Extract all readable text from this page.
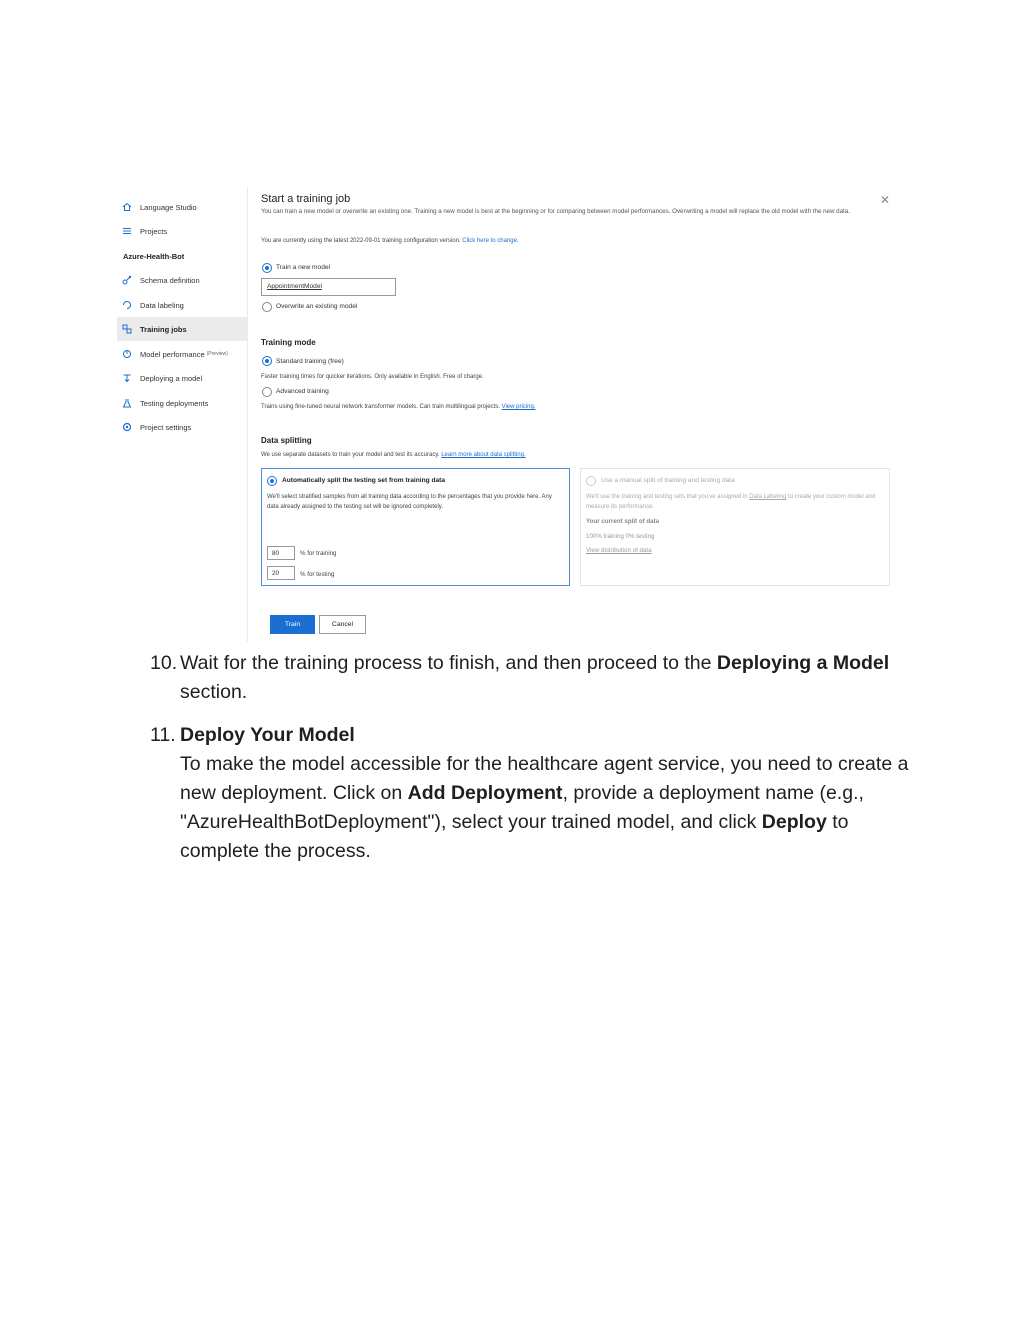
Language Studio
Projects
Azure-Health-Bot
Schema definition
Data labeling
Training jobs
Model performance (Preview)
Deploying a model
Testing deployments
Project settings
Start a training job	✕
You can train a new model or overwrite an existing one. Training a new model is best at the beginning or for comparing between model performances. Overwriting a model will replace the old model with the new data.
You are currently using the latest 2022-09-01 training configuration version. Click here to change.
Train a new model
AppointmentModel
Overwrite an existing model
Training mode
Standard training (free)
Faster training times for quicker iterations. Only available in English. Free of charge.
Advanced training
Trains using fine-tuned neural network transformer models. Can train multilingual projects. View pricing.
Data splitting
We use separate datasets to train your model and test its accuracy. Learn more about data splitting.
Automatically split the testing set from training data
We'll select stratified samples from all training data according to the percentages that you provide here. Any data already assigned to the testing set will be ignored completely.
80	% for training
20	% for testing
Use a manual split of training and testing data
We'll use the training and testing sets that you've assigned in Data Labeling to create your custom model and measure its performance.
Your current split of data
100% training 0% testing
View distribution of data
Train	Cancel
10. Wait for the training process to finish, and then proceed to the Deploying a Model section.
11. Deploy Your Model
To make the model accessible for the healthcare agent service, you need to create a new deployment. Click on Add Deployment, provide a deployment name (e.g., "AzureHealthBotDeployment"), select your trained model, and click Deploy to complete the process.
